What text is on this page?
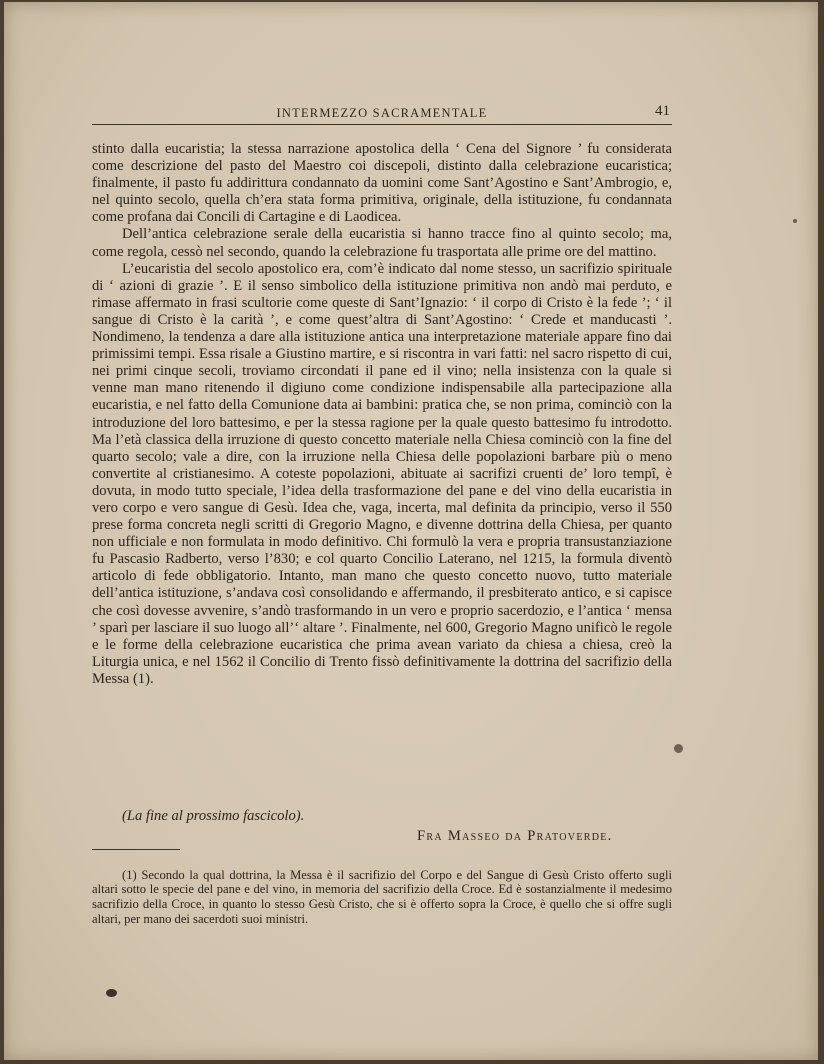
INTERMEZZO SACRAMENTALE	41

stinto dalla eucaristia; la stessa narrazione apostolica della ‘ Cena del Signore ’ fu considerata come descrizione del pasto del Maestro coi discepoli, distinto dalla celebrazione eucaristica; finalmente, il pasto fu addirittura condannato da uomini come Sant’Agostino e Sant’Ambrogio, e, nel quinto secolo, quella ch’era stata forma primitiva, originale, della istituzione, fu condannata come profana dai Concili di Cartagine e di Laodicea.

Dell’antica celebrazione serale della eucaristia si hanno tracce fino al quinto secolo; ma, come regola, cessò nel secondo, quando la celebrazione fu trasportata alle prime ore del mattino.

L’eucaristia del secolo apostolico era, com’è indicato dal nome stesso, un sacrifizio spirituale di ‘ azioni di grazie ’. E il senso simbolico della istituzione primitiva non andò mai perduto, e rimase affermato in frasi scultorie come queste di Sant’Ignazio: ‘ il corpo di Cristo è la fede ’; ‘ il sangue di Cristo è la carità ’, e come quest’altra di Sant’Agostino: ‘ Crede et manducasti ’. Nondimeno, la tendenza a dare alla istituzione antica una interpretazione materiale appare fino dai primissimi tempi. Essa risale a Giustino martire, e si riscontra in vari fatti: nel sacro rispetto di cui, nei primi cinque secoli, troviamo circondati il pane ed il vino; nella insistenza con la quale si venne man mano ritenendo il digiuno come condizione indispensabile alla partecipazione alla eucaristia, e nel fatto della Comunione data ai bambini: pratica che, se non prima, cominciò con la introduzione del loro battesimo, e per la stessa ragione per la quale questo battesimo fu introdotto. Ma l’età classica della irruzione di questo concetto materiale nella Chiesa cominciò con la fine del quarto secolo; vale a dire, con la irruzione nella Chiesa delle popolazioni barbare più o meno convertite al cristianesimo. A coteste popolazioni, abituate ai sacrifizi cruenti de’ loro tempî, è dovuta, in modo tutto speciale, l’idea della trasformazione del pane e del vino della eucaristia in vero corpo e vero sangue di Gesù. Idea che, vaga, incerta, mal definita da principio, verso il 550 prese forma concreta negli scritti di Gregorio Magno, e divenne dottrina della Chiesa, per quanto non ufficiale e non formulata in modo definitivo. Chi formulò la vera e propria transustanziazione fu Pascasio Radberto, verso l’830; e col quarto Concilio Laterano, nel 1215, la formula diventò articolo di fede obbligatorio. Intanto, man mano che questo concetto nuovo, tutto materiale dell’antica istituzione, s’andava così consolidando e affermando, il presbiterato antico, e si capisce che così dovesse avvenire, s’andò trasformando in un vero e proprio sacerdozio, e l’antica ‘ mensa ’ sparì per lasciare il suo luogo all’‘ altare ’. Finalmente, nel 600, Gregorio Magno unificò le regole e le forme della celebrazione eucaristica che prima avean variato da chiesa a chiesa, creò la Liturgia unica, e nel 1562 il Concilio di Trento fissò definitivamente la dottrina del sacrifizio della Messa (1).

(La fine al prossimo fascicolo).
Fra Masseo da Pratoverde.

(1) Secondo la qual dottrina, la Messa è il sacrifizio del Corpo e del Sangue di Gesù Cristo offerto sugli altari sotto le specie del pane e del vino, in memoria del sacrifizio della Croce. Ed è sostanzialmente il medesimo sacrifizio della Croce, in quanto lo stesso Gesù Cristo, che si è offerto sopra la Croce, è quello che si offre sugli altari, per mano dei sacerdoti suoi ministri.
